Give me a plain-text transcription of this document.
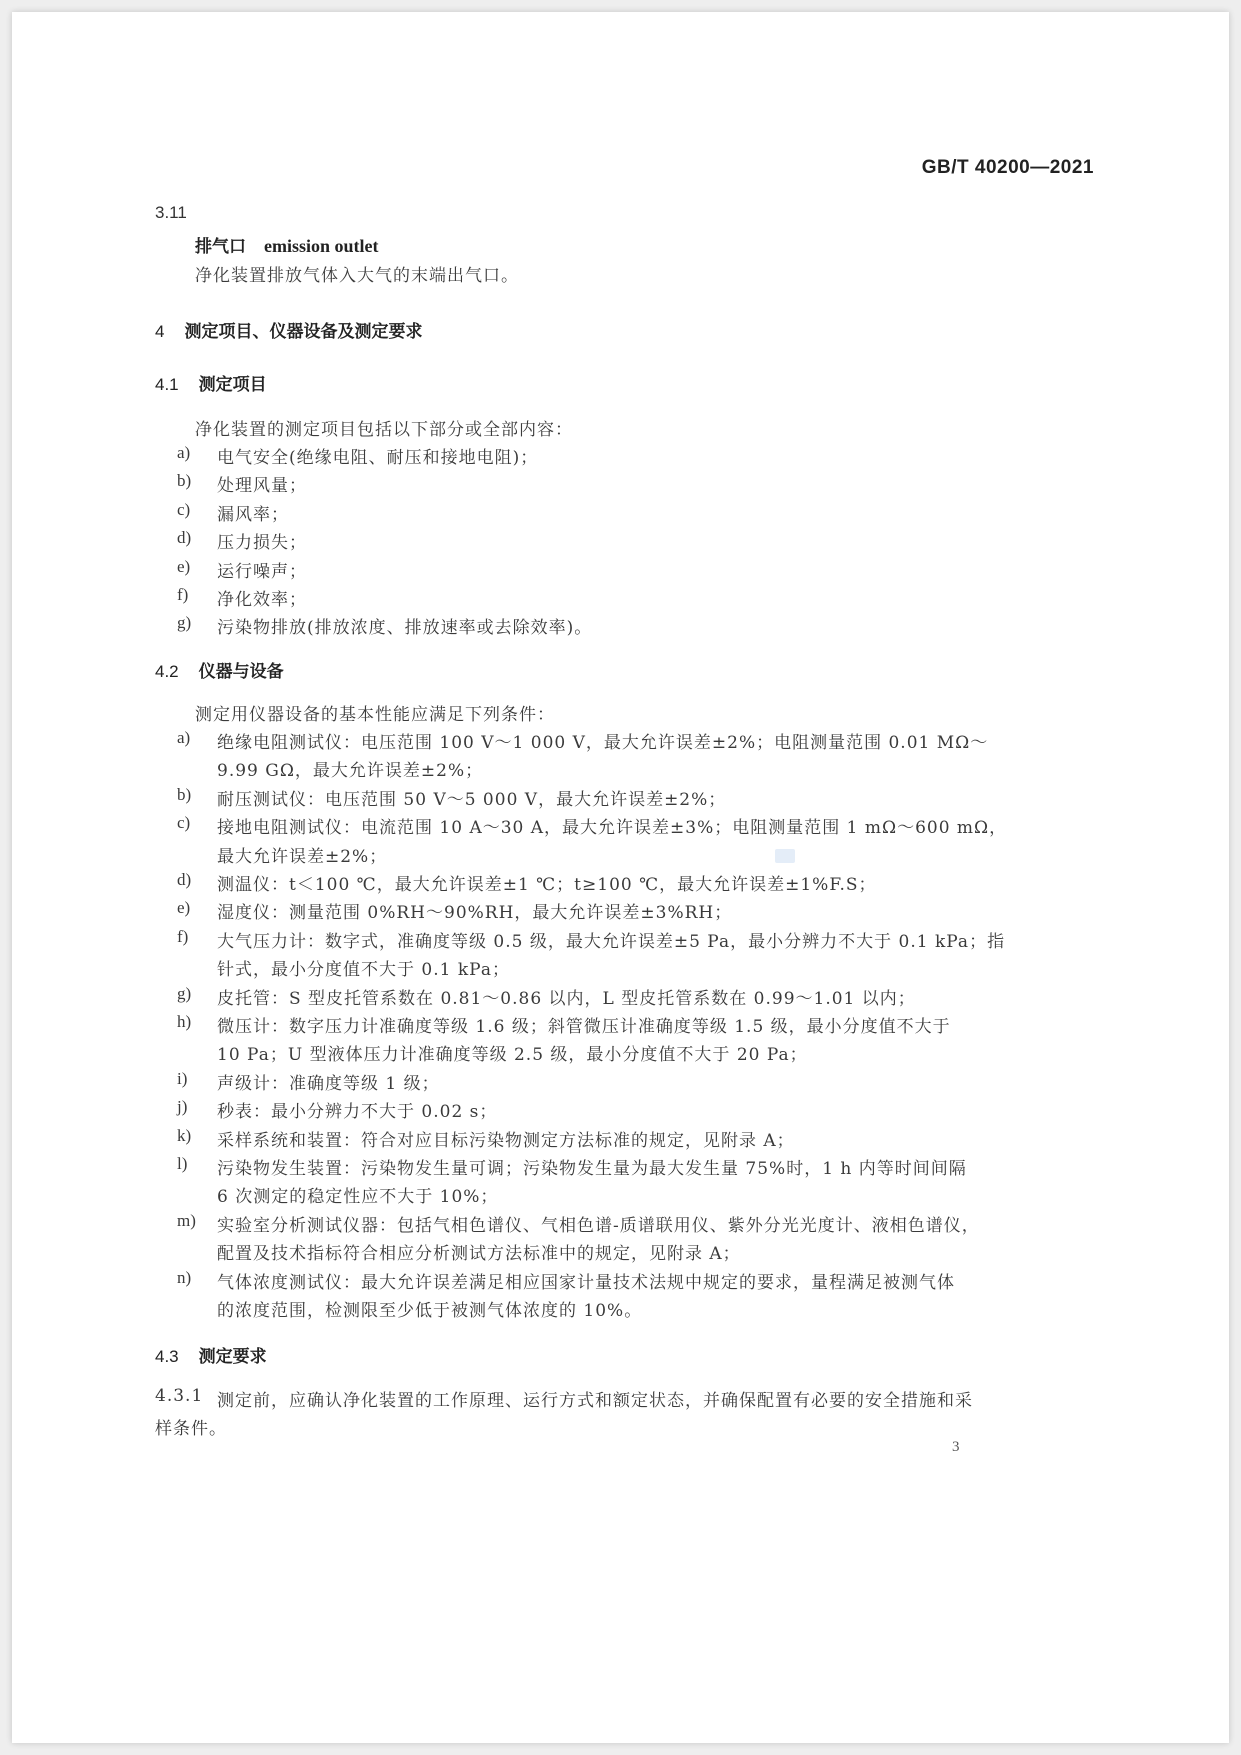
GB/T 40200—2021
3.11
排气口 emission outlet
净化装置排放气体入大气的末端出气口。
4 测定项目、仪器设备及测定要求
4.1 测定项目
净化装置的测定项目包括以下部分或全部内容：
a) 电气安全(绝缘电阻、耐压和接地电阻)；
b) 处理风量；
c) 漏风率；
d) 压力损失；
e) 运行噪声；
f) 净化效率；
g) 污染物排放(排放浓度、排放速率或去除效率)。
4.2 仪器与设备
测定用仪器设备的基本性能应满足下列条件：
a) 绝缘电阻测试仪：电压范围 100 V～1 000 V，最大允许误差±2%；电阻测量范围 0.01 MΩ～
9.99 GΩ，最大允许误差±2%；
b) 耐压测试仪：电压范围 50 V～5 000 V，最大允许误差±2%；
c) 接地电阻测试仪：电流范围 10 A～30 A，最大允许误差±3%；电阻测量范围 1 mΩ～600 mΩ，
最大允许误差±2%；
d) 测温仪：t＜100 ℃，最大允许误差±1 ℃；t≥100 ℃，最大允许误差±1%F.S；
e) 湿度仪：测量范围 0%RH～90%RH，最大允许误差±3%RH；
f) 大气压力计：数字式，准确度等级 0.5 级，最大允许误差±5 Pa，最小分辨力不大于 0.1 kPa；指
针式，最小分度值不大于 0.1 kPa；
g) 皮托管：S 型皮托管系数在 0.81～0.86 以内，L 型皮托管系数在 0.99～1.01 以内；
h) 微压计：数字压力计准确度等级 1.6 级；斜管微压计准确度等级 1.5 级，最小分度值不大于
10 Pa；U 型液体压力计准确度等级 2.5 级，最小分度值不大于 20 Pa；
i) 声级计：准确度等级 1 级；
j) 秒表：最小分辨力不大于 0.02 s；
k) 采样系统和装置：符合对应目标污染物测定方法标准的规定，见附录 A；
l) 污染物发生装置：污染物发生量可调；污染物发生量为最大发生量 75%时，1 h 内等时间间隔
6 次测定的稳定性应不大于 10%；
m) 实验室分析测试仪器：包括气相色谱仪、气相色谱-质谱联用仪、紫外分光光度计、液相色谱仪，
配置及技术指标符合相应分析测试方法标准中的规定，见附录 A；
n) 气体浓度测试仪：最大允许误差满足相应国家计量技术法规中规定的要求，量程满足被测气体
的浓度范围，检测限至少低于被测气体浓度的 10%。
4.3 测定要求
4.3.1 测定前，应确认净化装置的工作原理、运行方式和额定状态，并确保配置有必要的安全措施和采
样条件。
3
